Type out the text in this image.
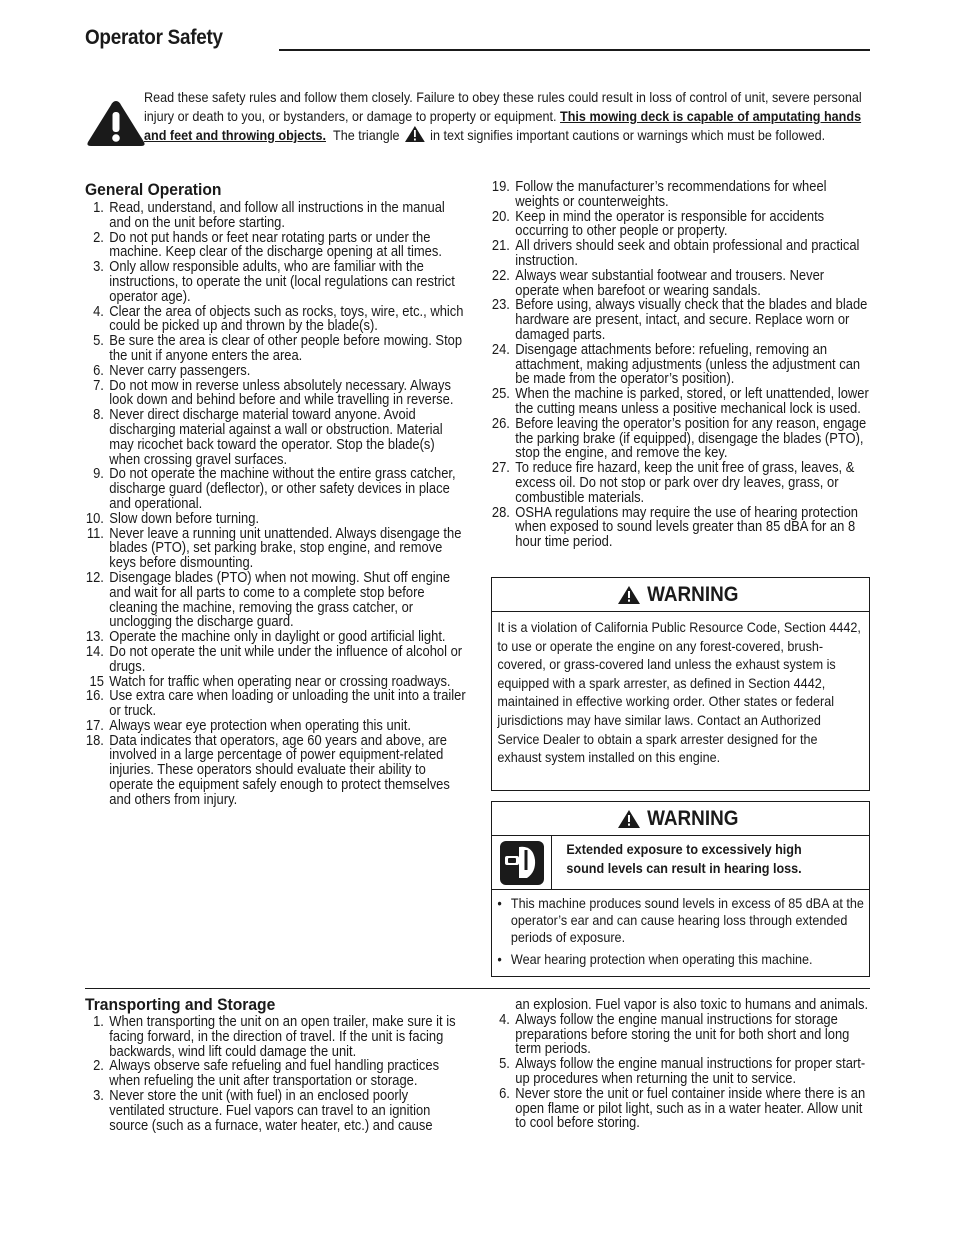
Operator Safety
Read these safety rules and follow them closely. Failure to obey these rules could result in loss of control of unit, severe personal injury or death to you, or bystanders, or damage to property or equipment. This mowing deck is capable of amputating hands and feet and throwing objects. The triangle in text signifies important cautions or warnings which must be followed.
General Operation
1. Read, understand, and follow all instructions in the manual and on the unit before starting.
2. Do not put hands or feet near rotating parts or under the machine. Keep clear of the discharge opening at all times.
3. Only allow responsible adults, who are familiar with the instructions, to operate the unit (local regulations can restrict operator age).
4. Clear the area of objects such as rocks, toys, wire, etc., which could be picked up and thrown by the blade(s).
5. Be sure the area is clear of other people before mowing. Stop the unit if anyone enters the area.
6. Never carry passengers.
7. Do not mow in reverse unless absolutely necessary. Always look down and behind before and while travelling in reverse.
8. Never direct discharge material toward anyone. Avoid discharging material against a wall or obstruction. Material may ricochet back toward the operator. Stop the blade(s) when crossing gravel surfaces.
9. Do not operate the machine without the entire grass catcher, discharge guard (deflector), or other safety devices in place and operational.
10. Slow down before turning.
11. Never leave a running unit unattended. Always disengage the blades (PTO), set parking brake, stop engine, and remove keys before dismounting.
12. Disengage blades (PTO) when not mowing. Shut off engine and wait for all parts to come to a complete stop before cleaning the machine, removing the grass catcher, or unclogging the discharge guard.
13. Operate the machine only in daylight or good artificial light.
14. Do not operate the unit while under the influence of alcohol or drugs.
15 Watch for traffic when operating near or crossing roadways.
16. Use extra care when loading or unloading the unit into a trailer or truck.
17. Always wear eye protection when operating this unit.
18. Data indicates that operators, age 60 years and above, are involved in a large percentage of power equipment-related injuries. These operators should evaluate their ability to operate the equipment safely enough to protect themselves and others from injury.
19. Follow the manufacturer’s recommendations for wheel weights or counterweights.
20. Keep in mind the operator is responsible for accidents occurring to other people or property.
21. All drivers should seek and obtain professional and practical instruction.
22. Always wear substantial footwear and trousers. Never operate when barefoot or wearing sandals.
23. Before using, always visually check that the blades and blade hardware are present, intact, and secure. Replace worn or damaged parts.
24. Disengage attachments before: refueling, removing an attachment, making adjustments (unless the adjustment can be made from the operator’s position).
25. When the machine is parked, stored, or left unattended, lower the cutting means unless a positive mechanical lock is used.
26. Before leaving the operator’s position for any reason, engage the parking brake (if equipped), disengage the blades (PTO), stop the engine, and remove the key.
27. To reduce fire hazard, keep the unit free of grass, leaves, & excess oil. Do not stop or park over dry leaves, grass, or combustible materials.
28. OSHA regulations may require the use of hearing protection when exposed to sound levels greater than 85 dBA for an 8 hour time period.
WARNING
It is a violation of California Public Resource Code, Section 4442, to use or operate the engine on any forest-covered, brush-covered, or grass-covered land unless the exhaust system is equipped with a spark arrester, as defined in Section 4442, maintained in effective working order. Other states or federal jurisdictions may have similar laws. Contact an Authorized Service Dealer to obtain a spark arrester designed for the exhaust system installed on this engine.
WARNING
Extended exposure to excessively high sound levels can result in hearing loss.
• This machine produces sound levels in excess of 85 dBA at the operator’s ear and can cause hearing loss through extended periods of exposure.
• Wear hearing protection when operating this machine.
Transporting and Storage
1. When transporting the unit on an open trailer, make sure it is facing forward, in the direction of travel. If the unit is facing backwards, wind lift could damage the unit.
2. Always observe safe refueling and fuel handling practices when refueling the unit after transportation or storage.
3. Never store the unit (with fuel) in an enclosed poorly ventilated structure. Fuel vapors can travel to an ignition source (such as a furnace, water heater, etc.) and cause
an explosion. Fuel vapor is also toxic to humans and animals.
4. Always follow the engine manual instructions for storage preparations before storing the unit for both short and long term periods.
5. Always follow the engine manual instructions for proper start-up procedures when returning the unit to service.
6. Never store the unit or fuel container inside where there is an open flame or pilot light, such as in a water heater. Allow unit to cool before storing.
